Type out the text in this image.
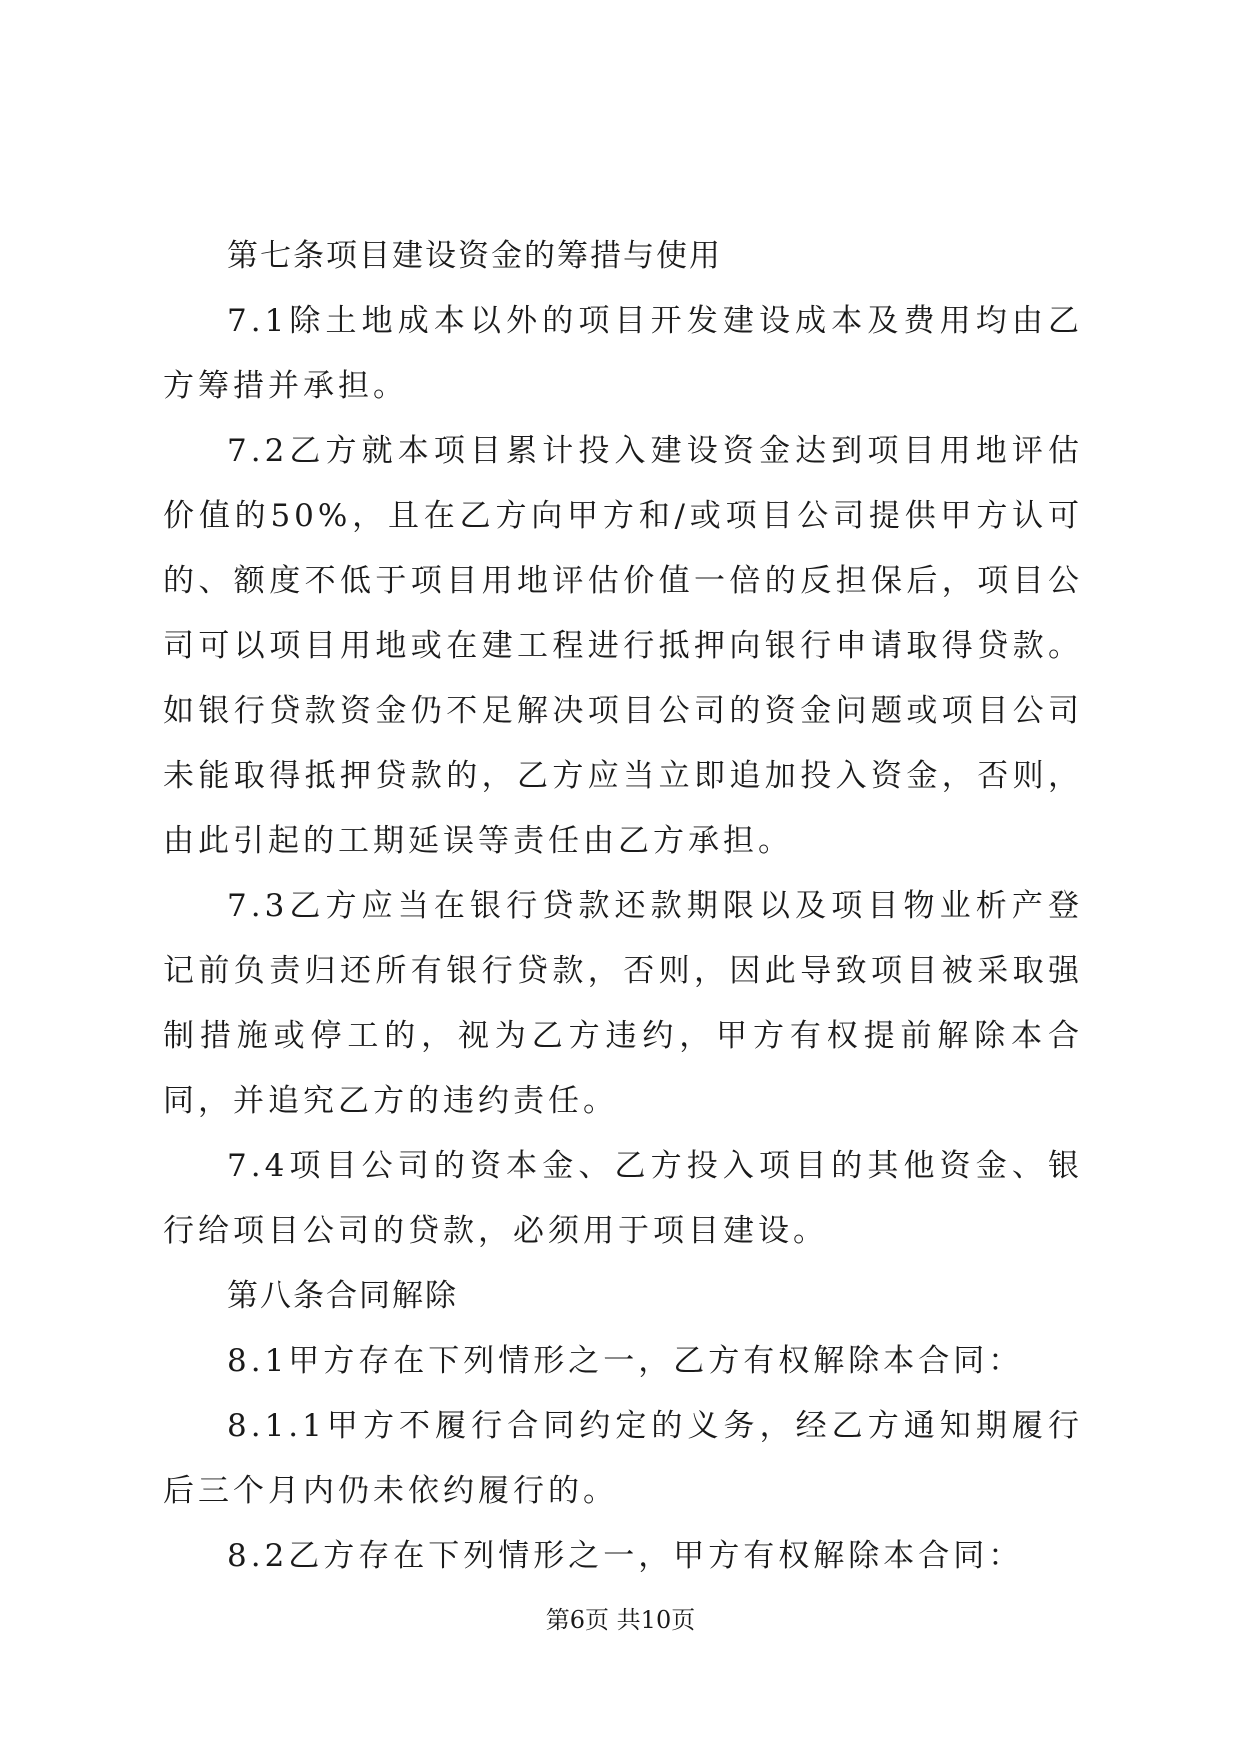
第七条项目建设资金的筹措与使用

7.1除土地成本以外的项目开发建设成本及费用均由乙方筹措并承担。

7.2乙方就本项目累计投入建设资金达到项目用地评估价值的50%，且在乙方向甲方和/或项目公司提供甲方认可的、额度不低于项目用地评估价值一倍的反担保后，项目公司可以项目用地或在建工程进行抵押向银行申请取得贷款。如银行贷款资金仍不足解决项目公司的资金问题或项目公司未能取得抵押贷款的，乙方应当立即追加投入资金，否则，由此引起的工期延误等责任由乙方承担。

7.3乙方应当在银行贷款还款期限以及项目物业析产登记前负责归还所有银行贷款，否则，因此导致项目被采取强制措施或停工的，视为乙方违约，甲方有权提前解除本合同，并追究乙方的违约责任。

7.4项目公司的资本金、乙方投入项目的其他资金、银行给项目公司的贷款，必须用于项目建设。

第八条合同解除

8.1甲方存在下列情形之一，乙方有权解除本合同：

8.1.1甲方不履行合同约定的义务，经乙方通知期履行后三个月内仍未依约履行的。

8.2乙方存在下列情形之一，甲方有权解除本合同：

第6页 共10页
